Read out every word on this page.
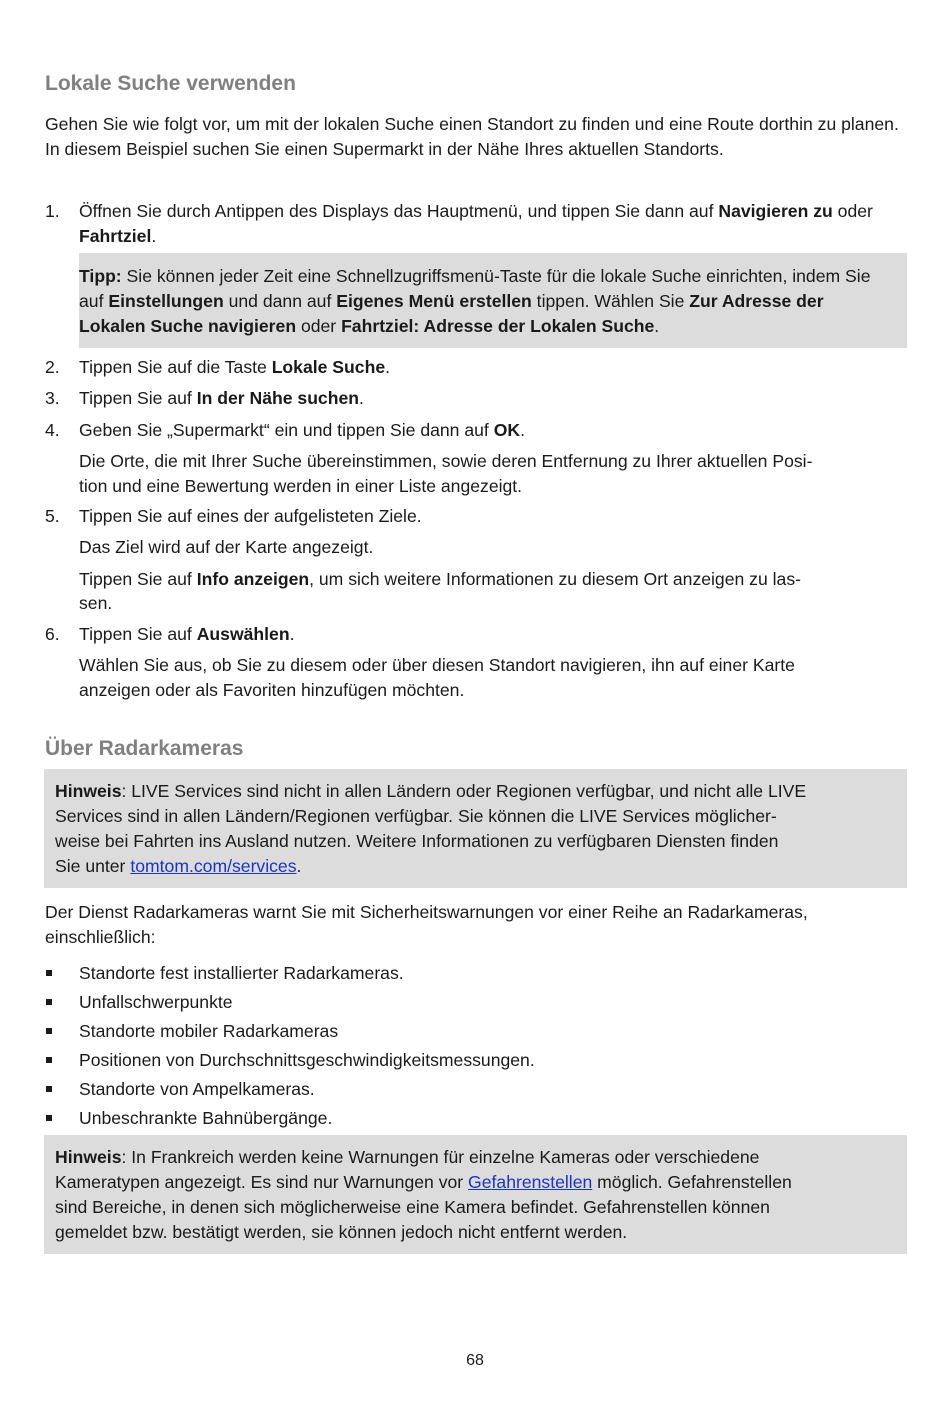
Lokale Suche verwenden

Gehen Sie wie folgt vor, um mit der lokalen Suche einen Standort zu finden und eine Route dorthin zu planen. In diesem Beispiel suchen Sie einen Supermarkt in der Nähe Ihres aktuellen Standorts.

1.	Öffnen Sie durch Antippen des Displays das Hauptmenü, und tippen Sie dann auf Navigieren zu oder Fahrtziel.

Tipp: Sie können jeder Zeit eine Schnellzugriffsmenü-Taste für die lokale Suche einrichten, indem Sie auf Einstellungen und dann auf Eigenes Menü erstellen tippen. Wählen Sie Zur Adresse der Lokalen Suche navigieren oder Fahrtziel: Adresse der Lokalen Suche.

2.	Tippen Sie auf die Taste Lokale Suche.
3.	Tippen Sie auf In der Nähe suchen.
4.	Geben Sie „Supermarkt“ ein und tippen Sie dann auf OK.

Die Orte, die mit Ihrer Suche übereinstimmen, sowie deren Entfernung zu Ihrer aktuellen Posi-

tion und eine Bewertung werden in einer Liste angezeigt.

5.	Tippen Sie auf eines der aufgelisteten Ziele.

Das Ziel wird auf der Karte angezeigt.

Tippen Sie auf Info anzeigen, um sich weitere Informationen zu diesem Ort anzeigen zu las-

sen.

6.	Tippen Sie auf Auswählen.

Wählen Sie aus, ob Sie zu diesem oder über diesen Standort navigieren, ihn auf einer Karte

anzeigen oder als Favoriten hinzufügen möchten.

Über Radarkameras

Hinweis: LIVE Services sind nicht in allen Ländern oder Regionen verfügbar, und nicht alle LIVE

Services sind in allen Ländern/Regionen verfügbar. Sie können die LIVE Services möglicher-

weise bei Fahrten ins Ausland nutzen. Weitere Informationen zu verfügbaren Diensten finden

Sie unter tomtom.com/services.

Der Dienst Radarkameras warnt Sie mit Sicherheitswarnungen vor einer Reihe an Radarkameras,

einschließlich:

Standorte fest installierter Radarkameras.
Unfallschwerpunkte
Standorte mobiler Radarkameras
Positionen von Durchschnittsgeschwindigkeitsmessungen.
Standorte von Ampelkameras.
Unbeschrankte Bahnübergänge.

Hinweis: In Frankreich werden keine Warnungen für einzelne Kameras oder verschiedene

Kameratypen angezeigt. Es sind nur Warnungen vor Gefahrenstellen möglich. Gefahrenstellen

sind Bereiche, in denen sich möglicherweise eine Kamera befindet. Gefahrenstellen können

gemeldet bzw. bestätigt werden, sie können jedoch nicht entfernt werden.

68
